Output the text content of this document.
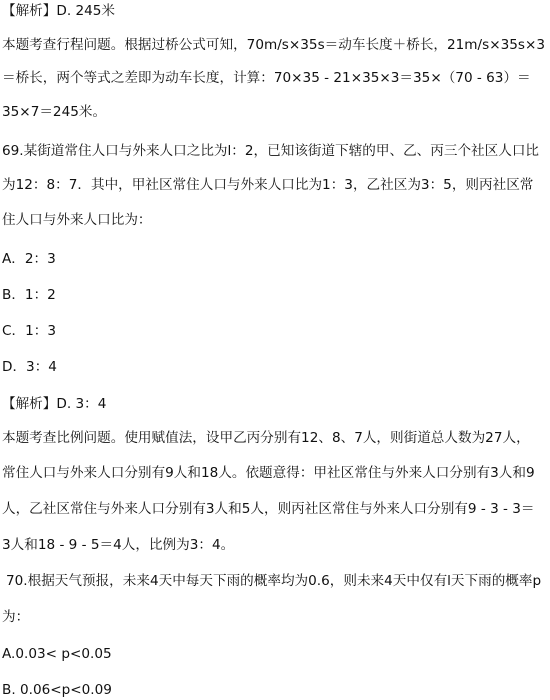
【解析】D. 245米
本题考查行程问题。根据过桥公式可知，70m/s×35s＝动车长度＋桥长，21m/s×35s×3
＝桥长，两个等式之差即为动车长度，计算：70×35 - 21×35×3＝35×（70 - 63）＝
35×7＝245米。
69.某街道常住人口与外来人口之比为l：2，已知该街道下辖的甲、乙、丙三个社区人口比
为12：8：7．其中，甲社区常住人口与外来人口比为1：3，乙社区为3：5，则丙社区常
住人口与外来人口比为：
A．2：3
B．1：2
C．1：3
D．3：4
【解析】D. 3：4
本题考查比例问题。使用赋值法，设甲乙丙分别有12、8、7人，则街道总人数为27人，
常住人口与外来人口分别有9人和18人。依题意得：甲社区常住与外来人口分别有3人和9
人，乙社区常住与外来人口分别有3人和5人，则丙社区常住与外来人口分别有9 - 3 - 3＝
3人和18 - 9 - 5＝4人，比例为3：4。
70.根据天气预报，未来4天中每天下雨的概率均为0.6，则未来4天中仅有l天下雨的概率p
为：
A.0.03< p<0.05
B. 0.06<p<0.09
